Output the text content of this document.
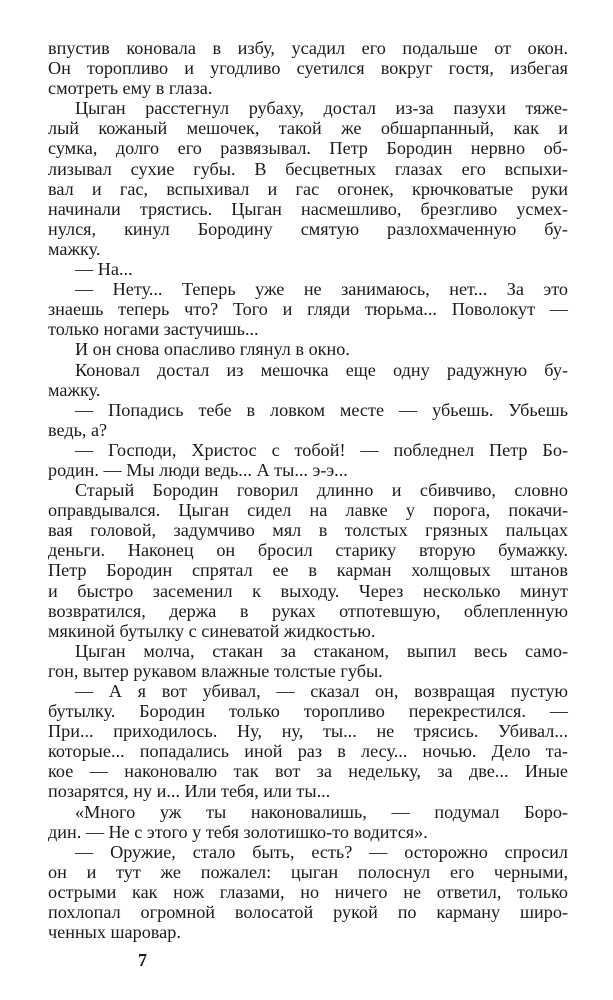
впустив коновала в избу, усадил его подальше от окон.
Он торопливо и угодливо суетился вокруг гостя, избегая
смотреть ему в глаза.
Цыган расстегнул рубаху, достал из-за пазухи тяже-
лый кожаный мешочек, такой же обшарпанный, как и
сумка, долго его развязывал. Петр Бородин нервно об-
лизывал сухие губы. В бесцветных глазах его вспыхи-
вал и гас, вспыхивал и гас огонек, крючковатые руки
начинали трястись. Цыган насмешливо, брезгливо усмех-
нулся, кинул Бородину смятую разлохмаченную бу-
мажку.
— На...
— Нету... Теперь уже не занимаюсь, нет... За это
знаешь теперь что? Того и гляди тюрьма... Поволокут —
только ногами застучишь...
И он снова опасливо глянул в окно.
Коновал достал из мешочка еще одну радужную бу-
мажку.
— Попадись тебе в ловком месте — убьешь. Убьешь
ведь, а?
— Господи, Христос с тобой! — побледнел Петр Бо-
родин. — Мы люди ведь... А ты... э-э...
Старый Бородин говорил длинно и сбивчиво, словно
оправдывался. Цыган сидел на лавке у порога, покачи-
вая головой, задумчиво мял в толстых грязных пальцах
деньги. Наконец он бросил старику вторую бумажку.
Петр Бородин спрятал ее в карман холщовых штанов
и быстро засеменил к выходу. Через несколько минут
возвратился, держа в руках отпотевшую, облепленную
мякиной бутылку с синеватой жидкостью.
Цыган молча, стакан за стаканом, выпил весь само-
гон, вытер рукавом влажные толстые губы.
— А я вот убивал, — сказал он, возвращая пустую
бутылку. Бородин только торопливо перекрестился. —
При... приходилось. Ну, ну, ты... не трясись. Убивал...
которые... попадались иной раз в лесу... ночью. Дело та-
кое — наконовалю так вот за недельку, за две... Иные
позарятся, ну и... Или тебя, или ты...
«Много уж ты наконовалишь, — подумал Боро-
дин. — Не с этого у тебя золотишко-то водится».
— Оружие, стало быть, есть? — осторожно спросил
он и тут же пожалел: цыган полоснул его черными,
острыми как нож глазами, но ничего не ответил, только
похлопал огромной волосатой рукой по карману широ-
ченных шаровар.
7
